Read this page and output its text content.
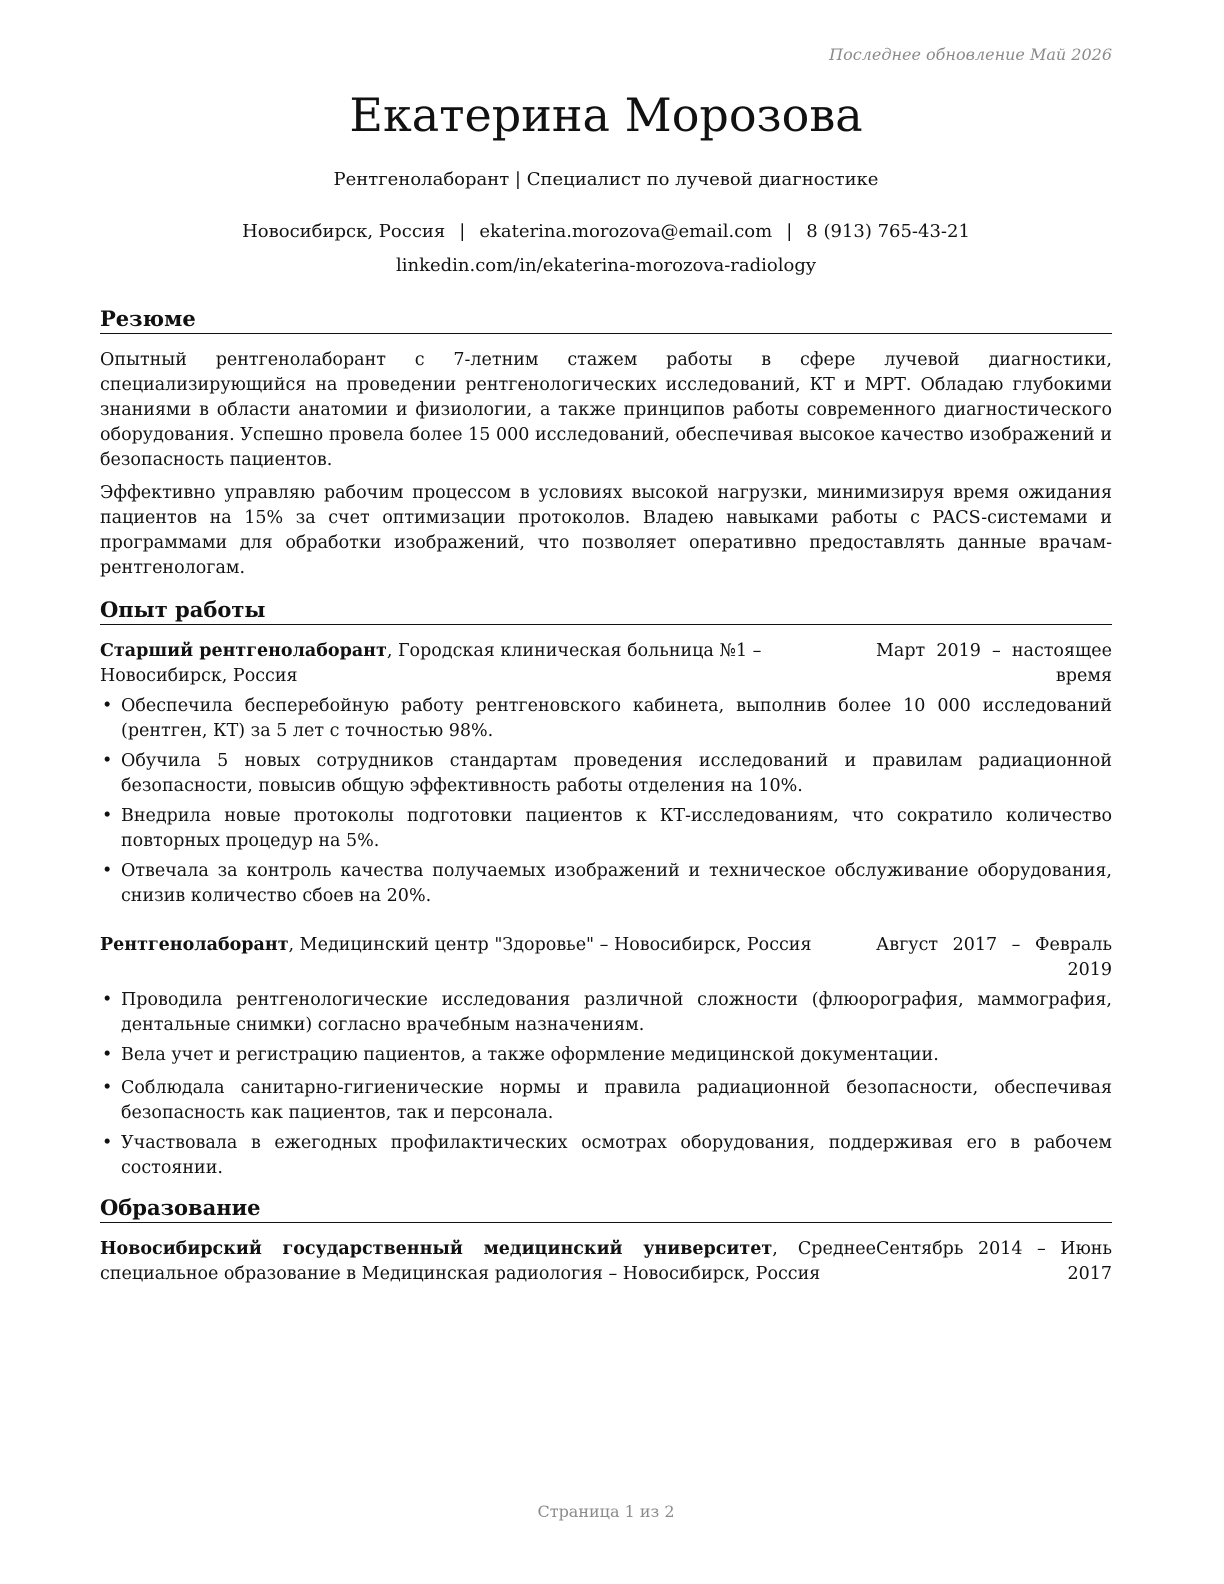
Последнее обновление Май 2026
Екатерина Морозова
Рентгенолаборант | Специалист по лучевой диагностике
Новосибирск, Россия | ekaterina.morozova@email.com | 8 (913) 765-43-21
linkedin.com/in/ekaterina-morozova-radiology
Резюме

Опытный рентгенолаборант с 7-летним стажем работы в сфере лучевой диагностики, специализирующийся на проведении рентгенологических исследований, КТ и МРТ. Обладаю глубокими знаниями в области анатомии и физиологии, а также принципов работы современного диагностического оборудования. Успешно провела более 15 000 исследований, обеспечивая высокое качество изображений и безопасность пациентов.

Эффективно управляю рабочим процессом в условиях высокой нагрузки, минимизируя время ожидания пациентов на 15% за счет оптимизации протоколов. Владею навыками работы с PACS-системами и программами для обработки изображений, что позволяет оперативно предоставлять данные врачам-рентгенологам.

Опыт работы
Старший рентгенолаборант, Городская клиническая больница №1 – Новосибирск, Россия
Март 2019 – настоящее время
• Обеспечила бесперебойную работу рентгеновского кабинета, выполнив более 10 000 исследований (рентген, КТ) за 5 лет с точностью 98%.
• Обучила 5 новых сотрудников стандартам проведения исследований и правилам радиационной безопасности, повысив общую эффективность работы отделения на 10%.
• Внедрила новые протоколы подготовки пациентов к КТ-исследованиям, что сократило количество повторных процедур на 5%.
• Отвечала за контроль качества получаемых изображений и техническое обслуживание оборудования, снизив количество сбоев на 20%.
Рентгенолаборант, Медицинский центр "Здоровье" – Новосибирск, Россия	Август 2017 – Февраль 2019
• Проводила рентгенологические исследования различной сложности (флюорография, маммография, дентальные снимки) согласно врачебным назначениям.
• Вела учет и регистрацию пациентов, а также оформление медицинской документации.
• Соблюдала санитарно-гигиенические нормы и правила радиационной безопасности, обеспечивая безопасность как пациентов, так и персонала.
• Участвовала в ежегодных профилактических осмотрах оборудования, поддерживая его в рабочем состоянии.
Образование
Новосибирский государственный медицинский университет, Среднее специальное образование в Медицинская радиология – Новосибирск, Россия
Сентябрь 2014 – Июнь 2017
Страница 1 из 2
